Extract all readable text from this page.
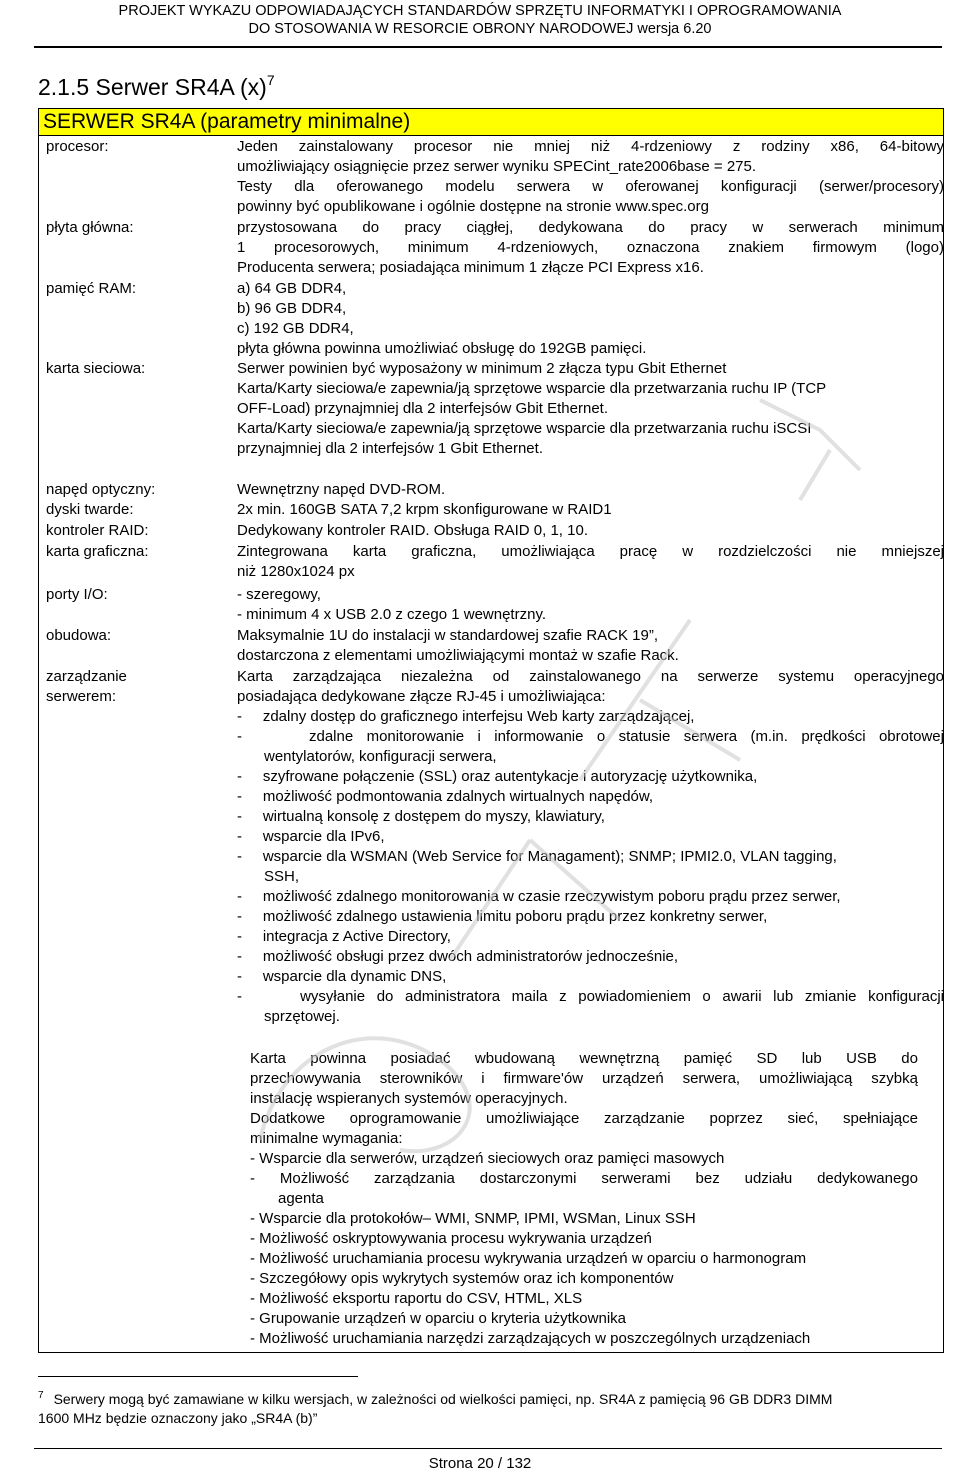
PROJEKT WYKAZU ODPOWIADAJĄCYCH STANDARDÓW SPRZĘTU INFORMATYKI I OPROGRAMOWANIA
DO STOSOWANIA W RESORCIE OBRONY NARODOWEJ wersja 6.20
2.1.5 Serwer SR4A $(x)^7$
SERWER SR4A (parametry minimalne)
procesor:	Jeden zainstalowany procesor nie mniej niż 4-rdzeniowy z rodziny x86, 64-bitowy
umożliwiający osiągnięcie przez serwer wyniku SPECint_rate2006base = 275.
Testy dla oferowanego modelu serwera w oferowanej konfiguracji (serwer/procesory)
powinny być opublikowane i ogólnie dostępne na stronie www.spec.org
płyta główna:	przystosowana do pracy ciągłej, dedykowana do pracy w serwerach minimum
1 procesorowych, minimum 4-rdzeniowych, oznaczona znakiem firmowym (logo)
Producenta serwera; posiadająca minimum 1 złącze PCI Express x16.
pamięć RAM:	a) 64 GB DDR4,
b) 96 GB DDR4,
c) 192 GB DDR4,
płyta główna powinna umożliwiać obsługę do 192GB pamięci.
karta sieciowa:	Serwer powinien być wyposażony w minimum 2 złącza typu Gbit Ethernet
Karta/Karty sieciowa/e zapewnia/ją sprzętowe wsparcie dla przetwarzania ruchu IP (TCP
OFF-Load) przynajmniej dla 2 interfejsów Gbit Ethernet.
Karta/Karty sieciowa/e zapewnia/ją sprzętowe wsparcie dla przetwarzania ruchu iSCSI
przynajmniej dla 2 interfejsów 1 Gbit Ethernet.
napęd optyczny:	Wewnętrzny napęd DVD-ROM.
dyski twarde:	2x min. 160GB SATA 7,2 krpm skonfigurowane w RAID1
kontroler RAID:	Dedykowany kontroler RAID. Obsługa RAID 0, 1, 10.
karta graficzna:	Zintegrowana karta graficzna, umożliwiająca pracę w rozdzielczości nie mniejszej
niż 1280x1024 px
porty I/O:	- szeregowy,
- minimum 4 x USB 2.0 z czego 1 wewnętrzny.
obudowa:	Maksymalnie 1U do instalacji w standardowej szafie RACK 19”,
dostarczona z elementami umożliwiającymi montaż w szafie Rack.
zarządzanie
serwerem:
Karta zarządzająca niezależna od zainstalowanego na serwerze systemu operacyjnego
posiadająca dedykowane złącze RJ-45 i umożliwiająca:
-     zdalny dostęp do graficznego interfejsu Web karty zarządzającej,
-     zdalne monitorowanie i informowanie o statusie serwera (m.in. prędkości obrotowej
wentylatorów, konfiguracji serwera,
-     szyfrowane połączenie (SSL) oraz autentykacje i autoryzację użytkownika,
-     możliwość podmontowania zdalnych wirtualnych napędów,
-     wirtualną konsolę z dostępem do myszy, klawiatury,
-     wsparcie dla IPv6,
-     wsparcie dla WSMAN (Web Service for Managament); SNMP; IPMI2.0, VLAN tagging,
SSH,
-     możliwość zdalnego monitorowania w czasie rzeczywistym poboru prądu przez serwer,
-     możliwość zdalnego ustawienia limitu poboru prądu przez konkretny serwer,
-     integracja z Active Directory,
-     możliwość obsługi przez dwóch administratorów jednocześnie,
-     wsparcie dla dynamic DNS,
-     wysyłanie do administratora maila z powiadomieniem o awarii lub zmianie konfiguracji
sprzętowej.
Karta powinna posiadać wbudowaną wewnętrzną pamięć SD lub USB do
przechowywania sterowników i firmware'ów urządzeń serwera, umożliwiającą szybką
instalację wspieranych systemów operacyjnych.
Dodatkowe oprogramowanie umożliwiające zarządzanie poprzez sieć, spełniające
minimalne wymagania:
- Wsparcie dla serwerów, urządzeń sieciowych oraz pamięci masowych
- Możliwość zarządzania dostarczonymi serwerami bez udziału dedykowanego
agenta
- Wsparcie dla protokołów– WMI, SNMP, IPMI, WSMan, Linux SSH
- Możliwość oskryptowywania procesu wykrywania urządzeń
- Możliwość uruchamiania procesu wykrywania urządzeń w oparciu o harmonogram
- Szczegółowy opis wykrytych systemów oraz ich komponentów
- Możliwość eksportu raportu do CSV, HTML, XLS
- Grupowanie urządzeń w oparciu o kryteria użytkownika
- Możliwość uruchamiania narzędzi zarządzających w poszczególnych urządzeniach
$^7$ Serwery mogą być zamawiane w kilku wersjach, w zależności od wielkości pamięci, np. SR4A z pamięcią 96 GB DDR3 DIMM
1600 MHz będzie oznaczony jako „SR4A (b)”
Strona 20 / 132
